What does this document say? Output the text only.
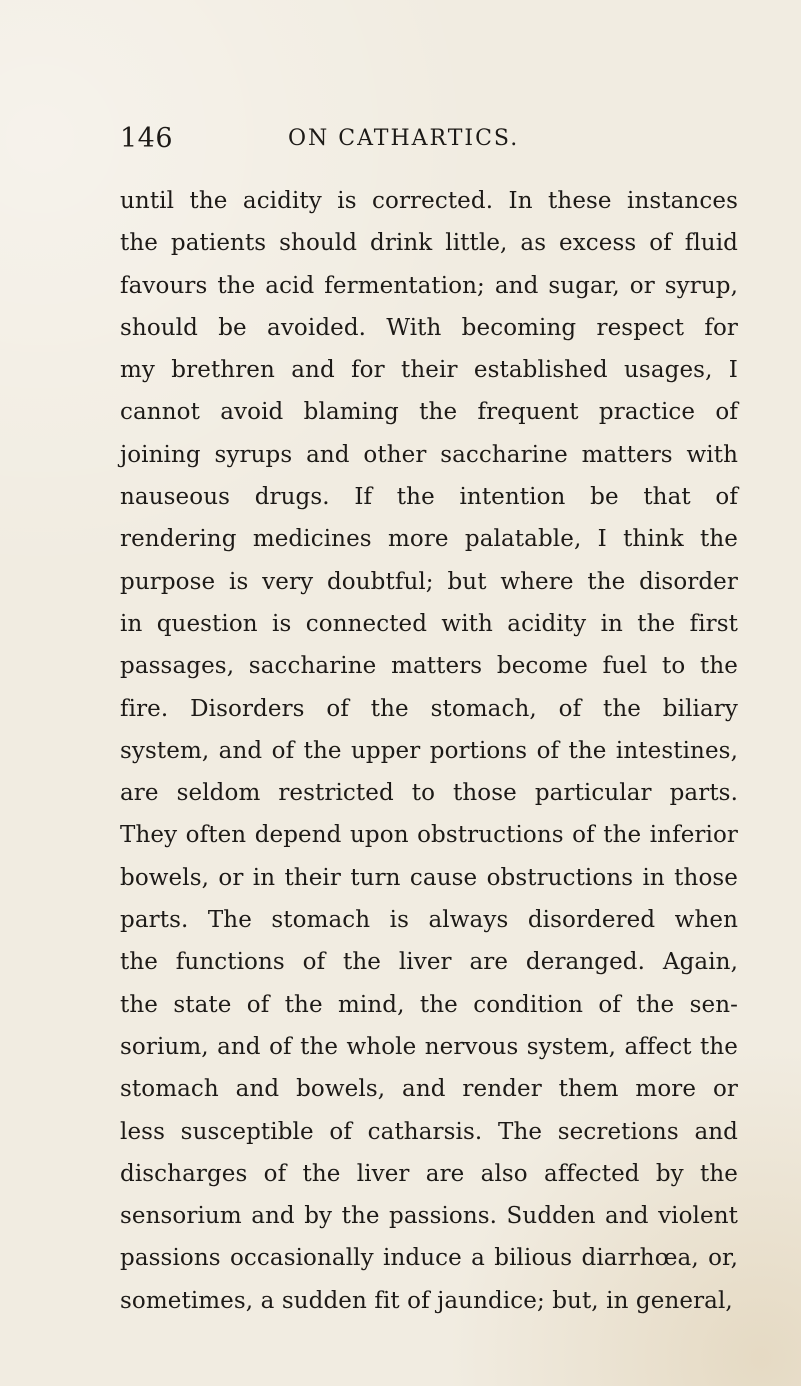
146	ON CATHARTICS.
until the acidity is corrected. In these instances
the patients should drink little, as excess of fluid
favours the acid fermentation; and sugar, or syrup,
should be avoided. With becoming respect for
my brethren and for their established usages, I
cannot avoid blaming the frequent practice of
joining syrups and other saccharine matters with
nauseous drugs. If the intention be that of
rendering medicines more palatable, I think the
purpose is very doubtful; but where the disorder
in question is connected with acidity in the first
passages, saccharine matters become fuel to the
fire. Disorders of the stomach, of the biliary
system, and of the upper portions of the intestines,
are seldom restricted to those particular parts.
They often depend upon obstructions of the inferior
bowels, or in their turn cause obstructions in those
parts. The stomach is always disordered when
the functions of the liver are deranged. Again,
the state of the mind, the condition of the sen-
sorium, and of the whole nervous system, affect the
stomach and bowels, and render them more or
less susceptible of catharsis. The secretions and
discharges of the liver are also affected by the
sensorium and by the passions. Sudden and violent
passions occasionally induce a bilious diarrhœa, or,
sometimes, a sudden fit of jaundice; but, in general,
